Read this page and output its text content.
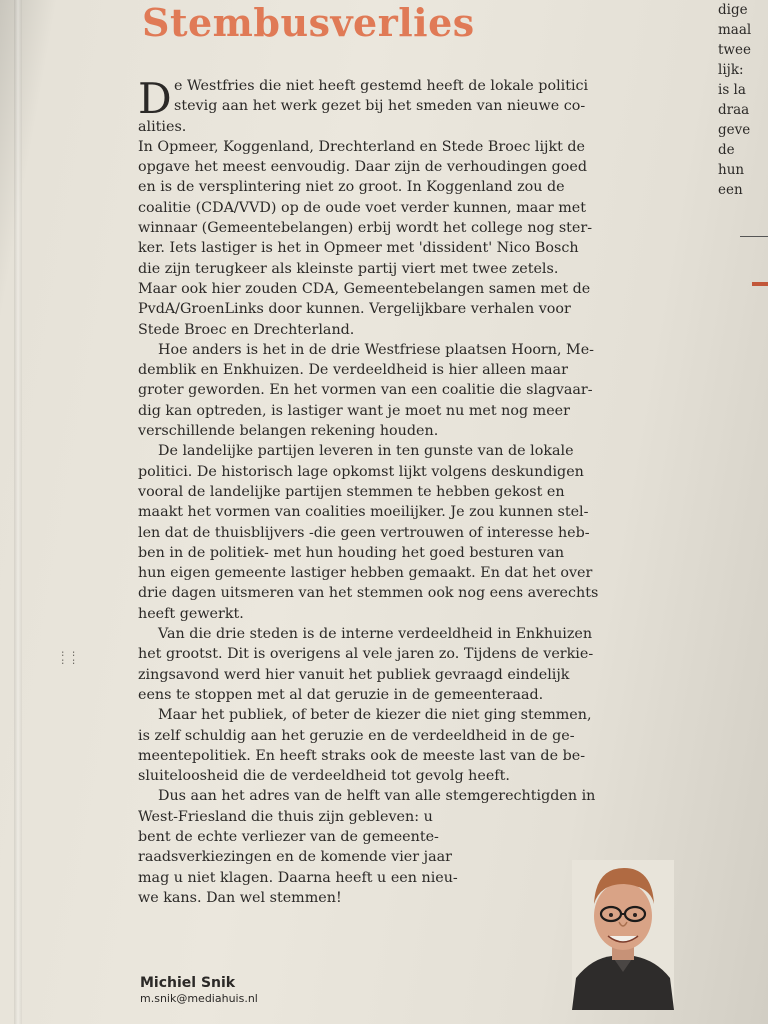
Stembusverlies
D e Westfries die niet heeft gestemd heeft de lokale politici
stevig aan het werk gezet bij het smeden van nieuwe co-
alities.
In Opmeer, Koggenland, Drechterland en Stede Broec lijkt de
opgave het meest eenvoudig. Daar zijn de verhoudingen goed
en is de versplintering niet zo groot. In Koggenland zou de
coalitie (CDA/VVD) op de oude voet verder kunnen, maar met
winnaar (Gemeentebelangen) erbij wordt het college nog ster-
ker. Iets lastiger is het in Opmeer met 'dissident' Nico Bosch
die zijn terugkeer als kleinste partij viert met twee zetels.
Maar ook hier zouden CDA, Gemeentebelangen samen met de
PvdA/GroenLinks door kunnen. Vergelijkbare verhalen voor
Stede Broec en Drechterland.
Hoe anders is het in de drie Westfriese plaatsen Hoorn, Me-
demblik en Enkhuizen. De verdeeldheid is hier alleen maar
groter geworden. En het vormen van een coalitie die slagvaar-
dig kan optreden, is lastiger want je moet nu met nog meer
verschillende belangen rekening houden.
De landelijke partijen leveren in ten gunste van de lokale
politici. De historisch lage opkomst lijkt volgens deskundigen
vooral de landelijke partijen stemmen te hebben gekost en
maakt het vormen van coalities moeilijker. Je zou kunnen stel-
len dat de thuisblijvers -die geen vertrouwen of interesse heb-
ben in de politiek- met hun houding het goed besturen van
hun eigen gemeente lastiger hebben gemaakt. En dat het over
drie dagen uitsmeren van het stemmen ook nog eens averechts
heeft gewerkt.
Van die drie steden is de interne verdeeldheid in Enkhuizen
het grootst. Dit is overigens al vele jaren zo. Tijdens de verkie-
zingsavond werd hier vanuit het publiek gevraagd eindelijk
eens te stoppen met al dat geruzie in de gemeenteraad.
Maar het publiek, of beter de kiezer die niet ging stemmen,
is zelf schuldig aan het geruzie en de verdeeldheid in de ge-
meentepolitiek. En heeft straks ook de meeste last van de be-
sluiteloosheid die de verdeeldheid tot gevolg heeft.
Dus aan het adres van de helft van alle stemgerechtigden in
West-Friesland die thuis zijn gebleven: u
bent de echte verliezer van de gemeente-
raadsverkiezingen en de komende vier jaar
mag u niet klagen. Daarna heeft u een nieu-
we kans. Dan wel stemmen!
Michiel Snik
m.snik@mediahuis.nl
dige
maal
twee
lijk:
is la
draa
geve
de
hun
een
: :
: :
